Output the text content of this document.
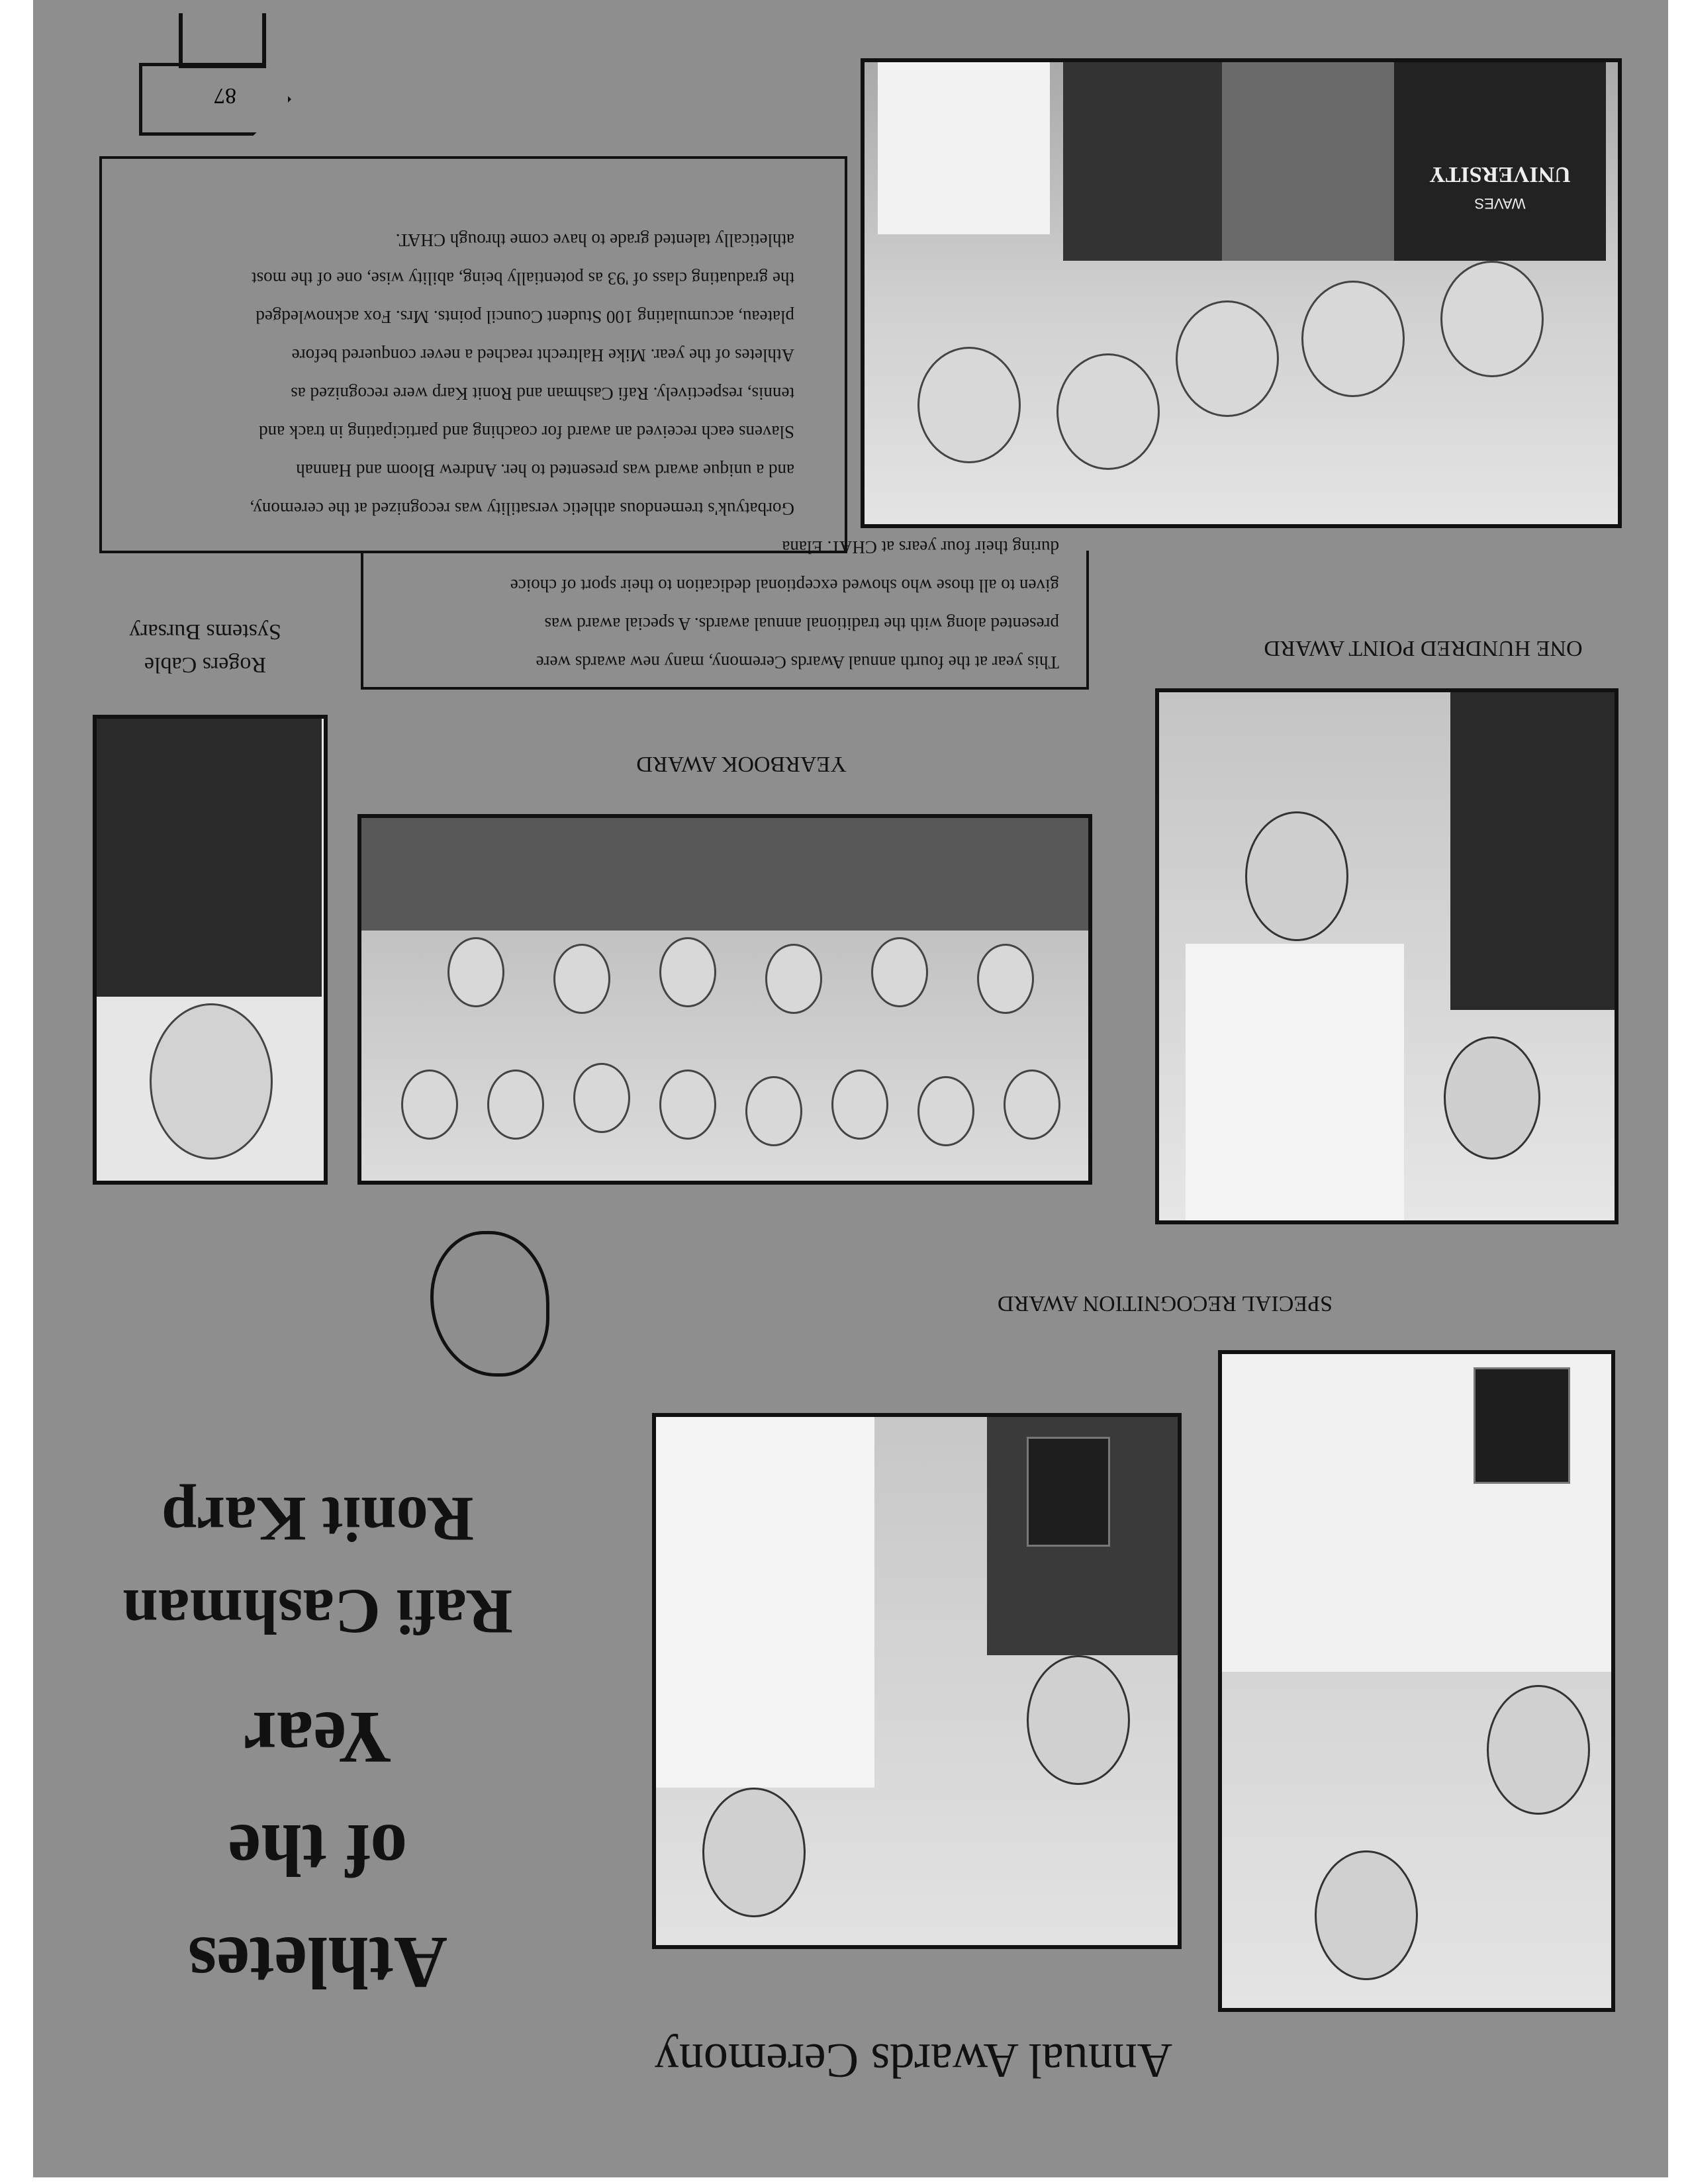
87
UNIVERSITY
WAVES
This year at the fourth annual Awards Ceremony, many new awards were
presented along with the traditional annual awards. A special award was
given to all those who showed exceptional dedication to their sport of choice
during their four years at CHAT. Elana
Gorbatyuk's tremendous athletic versatility was recognized at the ceremony,
and a unique award was presented to her. Andrew Bloom and Hannah
Slavens each received an award for coaching and participating in track and
tennis, respectively. Rafi Cashman and Ronit Karp were recognized as
Athletes of the year. Mike Haltrecht reached a never conquered before
plateau, accumulating 100 Student Council points. Mrs. Fox acknowledged
the graduating class of '93 as potentially being, ability wise, one of the most
athletically talented grade to have come through CHAT.
ONE HUNDRED POINT AWARD
Systems Bursary
Rogers Cable
YEARBOOK AWARD
SPECIAL RECOGNITION AWARD
Ronit Karp
Rafi Cashman
Year
of the
Athletes
Annual Awards Ceremony
